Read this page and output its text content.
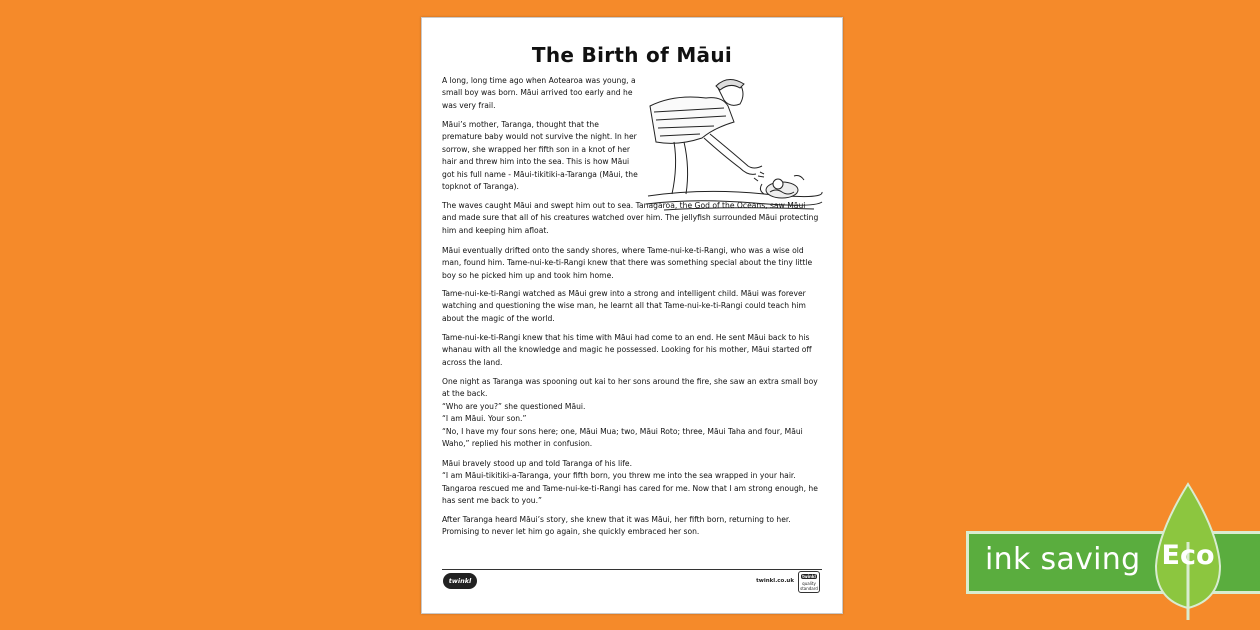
The Birth of Māui

A long, long time ago when Aotearoa was young, a small boy was born. Māui arrived too early and he was very frail.

Māui’s mother, Taranga, thought that the premature baby would not survive the night. In her sorrow, she wrapped her fifth son in a knot of her hair and threw him into the sea. This is how Māui got his full name - Māui-tikitiki-a-Taranga (Māui, the topknot of Taranga).

The waves caught Māui and swept him out to sea. Tanagaroa, the God of the Oceans, saw Māui and made sure that all of his creatures watched over him. The jellyfish surrounded Māui protecting him and keeping him afloat.

Māui eventually drifted onto the sandy shores, where Tame-nui-ke-ti-Rangi, who was a wise old man, found him. Tame-nui-ke-ti-Rangi knew that there was something special about the tiny little boy so he picked him up and took him home.

Tame-nui-ke-ti-Rangi watched as Māui grew into a strong and intelligent child. Māui was forever watching and questioning the wise man, he learnt all that Tame-nui-ke-ti-Rangi could teach him about the magic of the world.

Tame-nui-ke-ti-Rangi knew that his time with Māui had come to an end. He sent Māui back to his whanau with all the knowledge and magic he possessed. Looking for his mother, Māui started off across the land.

One night as Taranga was spooning out kai to her sons around the fire, she saw an extra small boy at the back.

“Who are you?” she questioned Māui.

“I am Māui. Your son.”

“No, I have my four sons here; one, Māui Mua; two, Māui Roto; three, Māui Taha and four, Māui Waho,” replied his mother in confusion.

Māui bravely stood up and told Taranga of his life.

“I am Māui-tikitiki-a-Taranga, your fifth born, you threw me into the sea wrapped in your hair. Tangaroa rescued me and Tame-nui-ke-ti-Rangi has cared for me. Now that I am strong enough, he has sent me back to you.”

After Taranga heard Māui’s story, she knew that it was Māui, her fifth born, returning to her. Promising to never let him go again, she quickly embraced her son.

twinkl	twinkl.co.uk
twinkl
quality standard
ink saving Eco
